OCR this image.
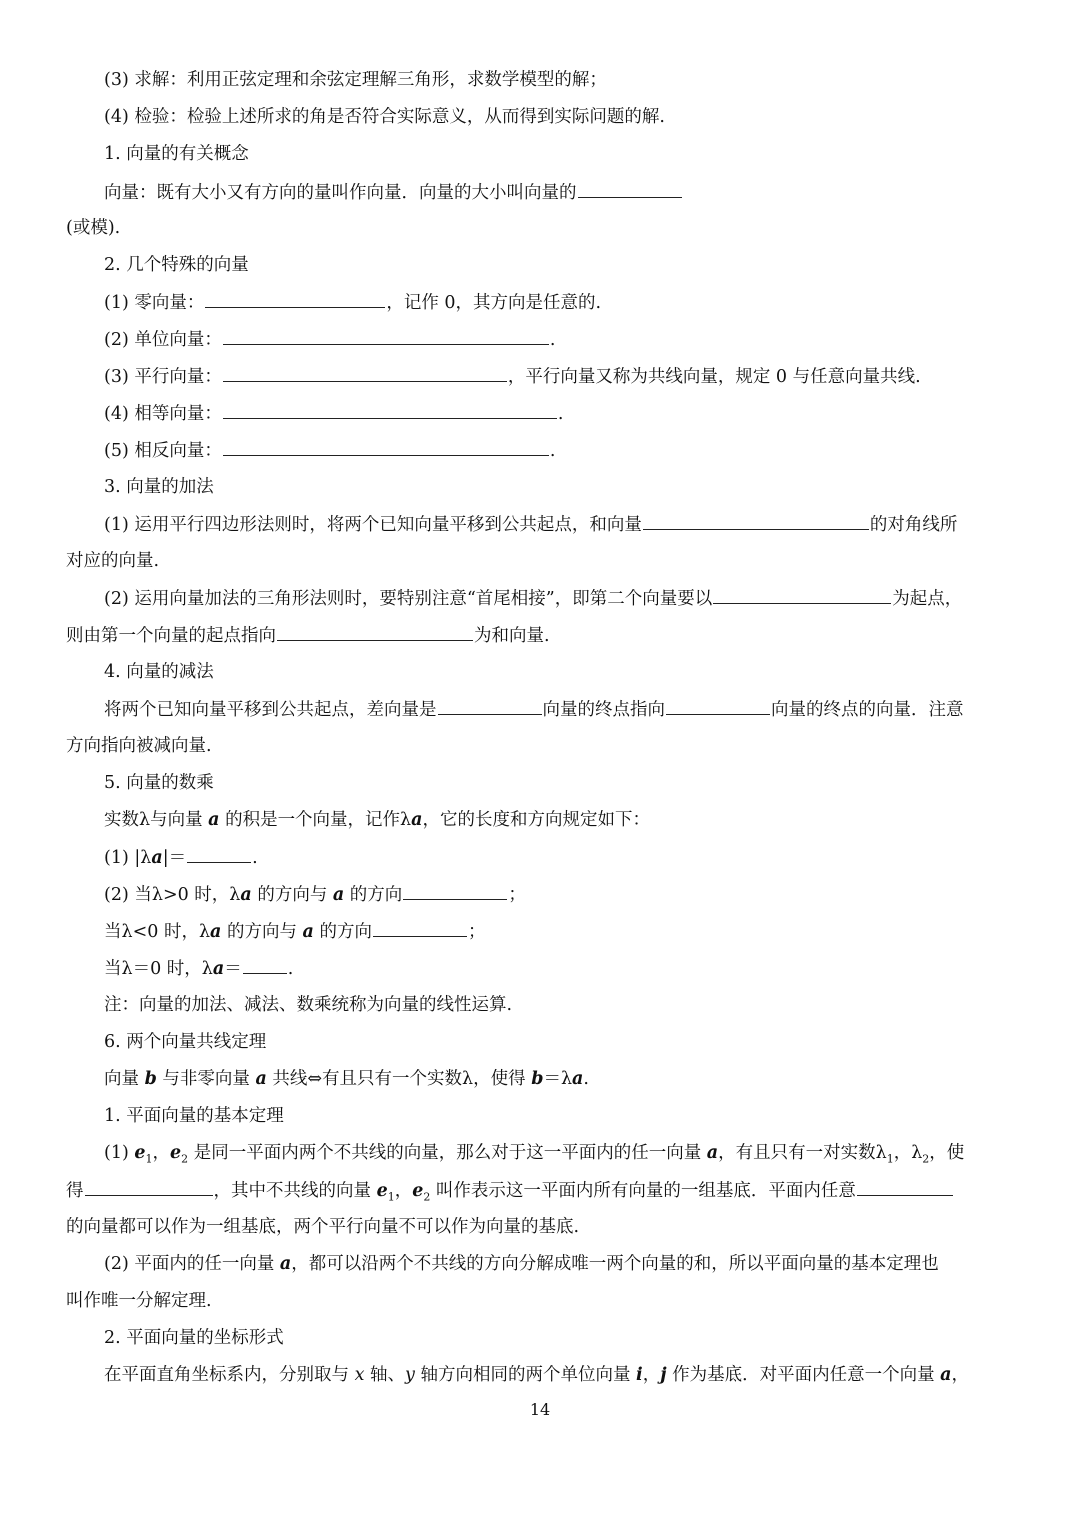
(3) 求解：利用正弦定理和余弦定理解三角形，求数学模型的解；
(4) 检验：检验上述所求的角是否符合实际意义，从而得到实际问题的解.
1. 向量的有关概念
向量：既有大小又有方向的量叫作向量．向量的大小叫向量的
(或模).
2. 几个特殊的向量
(1) 零向量：	，记作 0，其方向是任意的.
(2) 单位向量：	.
(3) 平行向量：	，平行向量又称为共线向量，规定 0 与任意向量共线.
(4) 相等向量：	.
(5) 相反向量：	.
3. 向量的加法
(1) 运用平行四边形法则时，将两个已知向量平移到公共起点，和向量	的对角线所
对应的向量.
(2) 运用向量加法的三角形法则时，要特别注意“首尾相接”，即第二个向量要以	为起点，
则由第一个向量的起点指向	为和向量.
4. 向量的减法
将两个已知向量平移到公共起点，差向量是	向量的终点指向	向量的终点的向量．注意
方向指向被减向量.
5. 向量的数乘
实数λ与向量 a 的积是一个向量，记作λa，它的长度和方向规定如下：
(1) |λa|＝	.
(2) 当λ>0 时，λa 的方向与 a 的方向	；
当λ<0 时，λa 的方向与 a 的方向	；
当λ＝0 时，λa＝	.
注：向量的加法、减法、数乘统称为向量的线性运算.
6. 两个向量共线定理
向量 b 与非零向量 a 共线⇔有且只有一个实数λ，使得 b＝λa.
1. 平面向量的基本定理
(1) $e_1$，$e_2$ 是同一平面内两个不共线的向量，那么对于这一平面内的任一向量 a，有且只有一对实数$\lambda_1$，$\lambda_2$，使
得	，其中不共线的向量 $e_1$，$e_2$ 叫作表示这一平面内所有向量的一组基底．平面内任意
的向量都可以作为一组基底，两个平行向量不可以作为向量的基底.
(2) 平面内的任一向量 a，都可以沿两个不共线的方向分解成唯一两个向量的和，所以平面向量的基本定理也
叫作唯一分解定理.
2. 平面向量的坐标形式
在平面直角坐标系内，分别取与 x 轴、y 轴方向相同的两个单位向量 i，j 作为基底．对平面内任意一个向量 a，
14
